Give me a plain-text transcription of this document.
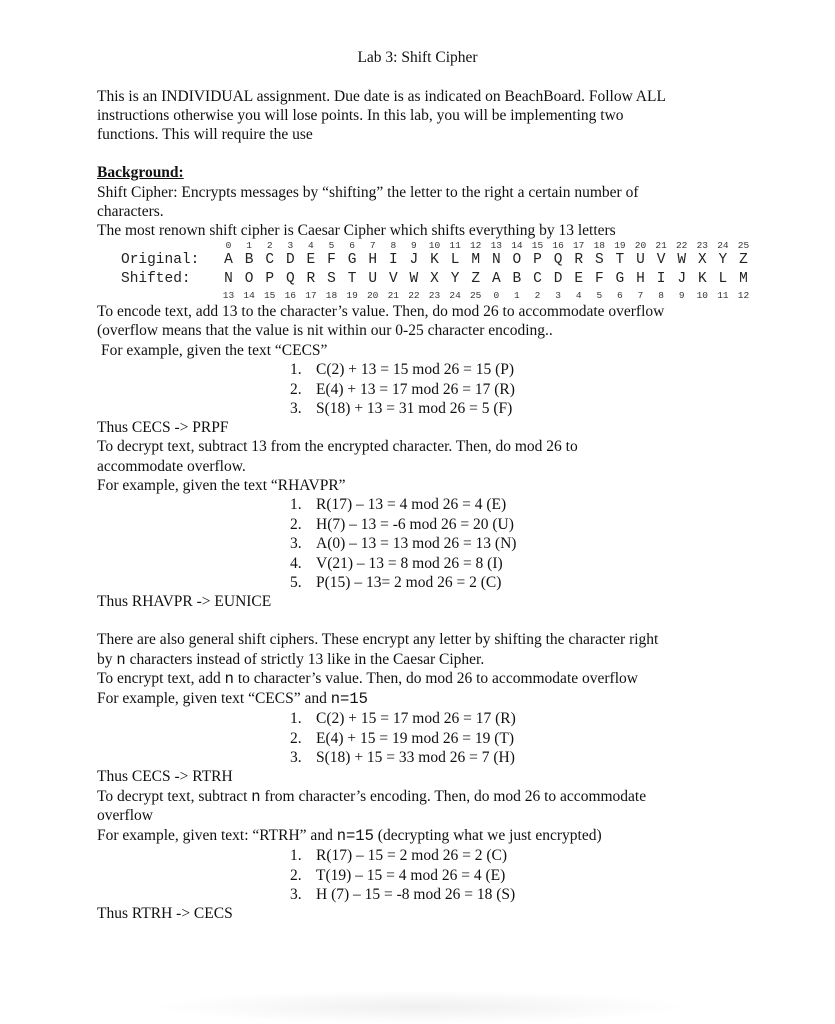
Lab 3: Shift Cipher
This is an INDIVIDUAL assignment. Due date is as indicated on BeachBoard. Follow ALL
instructions otherwise you will lose points. In this lab, you will be implementing two
functions. This will require the use
Background:
Shift Cipher: Encrypts messages by “shifting” the letter to the right a certain number of
characters.
The most renown shift cipher is Caesar Cipher which shifts everything by 13 letters
0	1	2	3	4	5	6	7	8	9	10 11 12 13 14 15 16 17 18 19 20 21 22 23 24 25
Original:	A B C D E F G H I J K L M N O P Q R S T U V W X Y Z
Shifted:	N O P Q R S T U V W X Y Z A B C D E F G H I J K L M
13 14 15 16 17 18 19 20 21 22 23 24 25	0	1	2	3	4	5	6	7	8	9	10 11 12
To encode text, add 13 to the character’s value. Then, do mod 26 to accommodate overflow
(overflow means that the value is nit within our 0-25 character encoding..
For example, given the text “CECS”
1. C(2) + 13 = 15 mod 26 = 15 (P)
2. E(4) + 13 = 17 mod 26 = 17 (R)
3. S(18) + 13 = 31 mod 26 = 5 (F)
Thus CECS -> PRPF
To decrypt text, subtract 13 from the encrypted character. Then, do mod 26 to
accommodate overflow.
For example, given the text “RHAVPR”
1. R(17) – 13 = 4 mod 26 = 4 (E)
2. H(7) – 13 = -6 mod 26 = 20 (U)
3. A(0) – 13 = 13 mod 26 = 13 (N)
4. V(21) – 13 = 8 mod 26 = 8 (I)
5. P(15) – 13= 2 mod 26 = 2 (C)
Thus RHAVPR -> EUNICE
There are also general shift ciphers. These encrypt any letter by shifting the character right
by n characters instead of strictly 13 like in the Caesar Cipher.
To encrypt text, add n to character’s value. Then, do mod 26 to accommodate overflow
For example, given text “CECS” and n=15
1. C(2) + 15 = 17 mod 26 = 17 (R)
2. E(4) + 15 = 19 mod 26 = 19 (T)
3. S(18) + 15 = 33 mod 26 = 7 (H)
Thus CECS -> RTRH
To decrypt text, subtract n from character’s encoding. Then, do mod 26 to accommodate
overflow
For example, given text: “RTRH” and n=15 (decrypting what we just encrypted)
1. R(17) – 15 = 2 mod 26 = 2 (C)
2. T(19) – 15 = 4 mod 26 = 4 (E)
3. H (7) – 15 = -8 mod 26 = 18 (S)
Thus RTRH -> CECS
